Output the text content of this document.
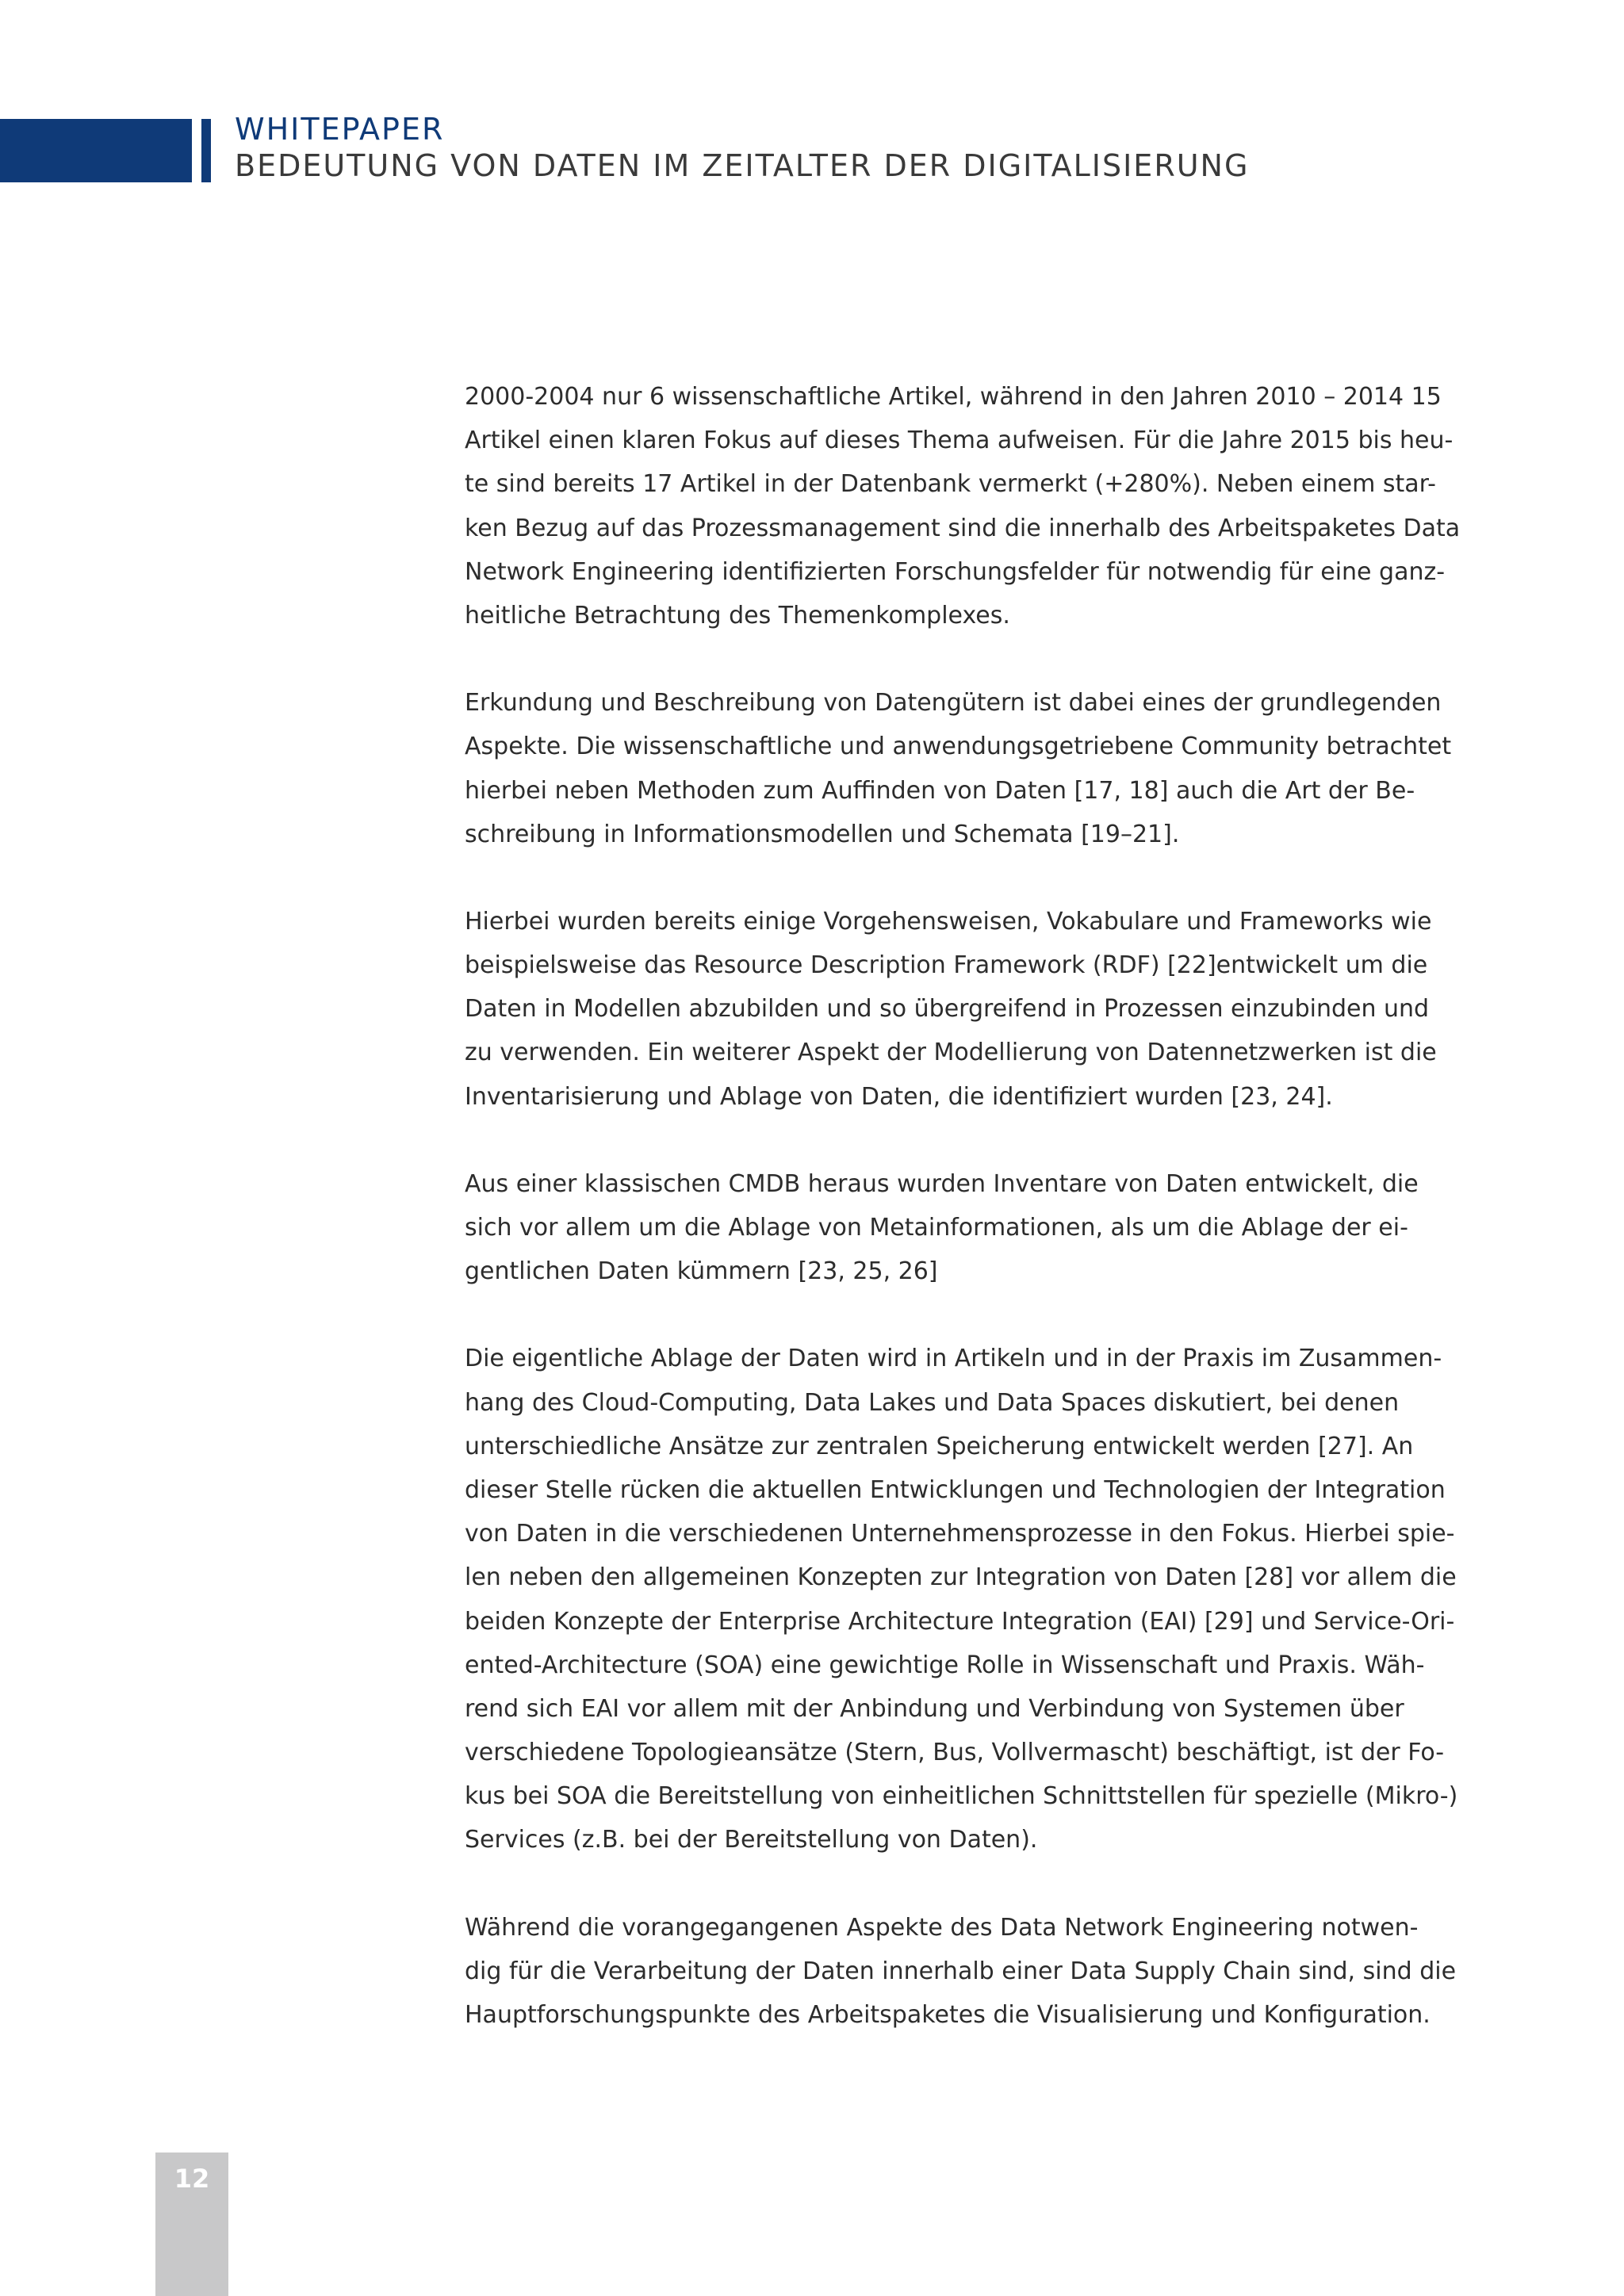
WHITEPAPER
BEDEUTUNG VON DATEN IM ZEITALTER DER DIGITALISIERUNG

2000-2004 nur 6 wissenschaftliche Artikel, während in den Jahren 2010 – 2014 15
Artikel einen klaren Fokus auf dieses Thema aufweisen. Für die Jahre 2015 bis heu-
te sind bereits 17 Artikel in der Datenbank vermerkt (+280%). Neben einem star-
ken Bezug auf das Prozessmanagement sind die innerhalb des Arbeitspaketes Data
Network Engineering identifizierten Forschungsfelder für notwendig für eine ganz-
heitliche Betrachtung des Themenkomplexes.

Erkundung und Beschreibung von Datengütern ist dabei eines der grundlegenden
Aspekte. Die wissenschaftliche und anwendungsgetriebene Community betrachtet
hierbei neben Methoden zum Auffinden von Daten [17, 18] auch die Art der Be-
schreibung in Informationsmodellen und Schemata [19–21].

Hierbei wurden bereits einige Vorgehensweisen, Vokabulare und Frameworks wie
beispielsweise das Resource Description Framework (RDF) [22]entwickelt um die
Daten in Modellen abzubilden und so übergreifend in Prozessen einzubinden und
zu verwenden. Ein weiterer Aspekt der Modellierung von Datennetzwerken ist die
Inventarisierung und Ablage von Daten, die identifiziert wurden [23, 24].

Aus einer klassischen CMDB heraus wurden Inventare von Daten entwickelt, die
sich vor allem um die Ablage von Metainformationen, als um die Ablage der ei-
gentlichen Daten kümmern [23, 25, 26]

Die eigentliche Ablage der Daten wird in Artikeln und in der Praxis im Zusammen-
hang des Cloud-Computing, Data Lakes und Data Spaces diskutiert, bei denen
unterschiedliche Ansätze zur zentralen Speicherung entwickelt werden [27]. An
dieser Stelle rücken die aktuellen Entwicklungen und Technologien der Integration
von Daten in die verschiedenen Unternehmensprozesse in den Fokus. Hierbei spie-
len neben den allgemeinen Konzepten zur Integration von Daten [28] vor allem die
beiden Konzepte der Enterprise Architecture Integration (EAI) [29] und Service-Ori-
ented-Architecture (SOA) eine gewichtige Rolle in Wissenschaft und Praxis. Wäh-
rend sich EAI vor allem mit der Anbindung und Verbindung von Systemen über
verschiedene Topologieansätze (Stern, Bus, Vollvermascht) beschäftigt, ist der Fo-
kus bei SOA die Bereitstellung von einheitlichen Schnittstellen für spezielle (Mikro-)
Services (z.B. bei der Bereitstellung von Daten).

Während die vorangegangenen Aspekte des Data Network Engineering notwen-
dig für die Verarbeitung der Daten innerhalb einer Data Supply Chain sind, sind die
Hauptforschungspunkte des Arbeitspaketes die Visualisierung und Konfiguration.

12
